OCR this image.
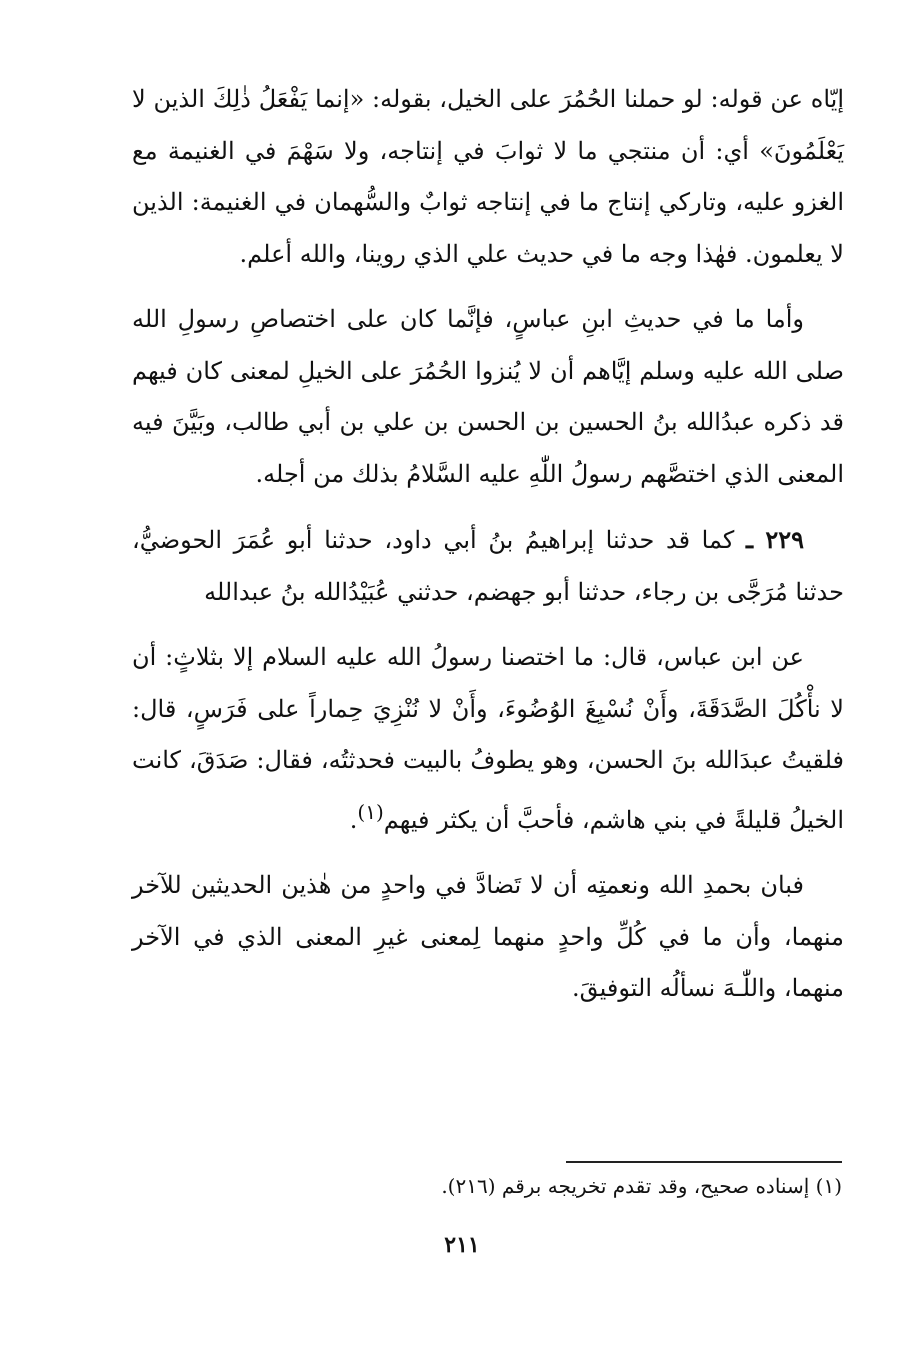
إيّاه عن قوله: لو حملنا الحُمُرَ على الخيل، بقوله: «إنما يَفْعَلُ ذٰلِكَ الذين لا يَعْلَمُونَ» أي: أن منتجي ما لا ثوابَ في إنتاجه، ولا سَهْمَ في الغنيمة مع الغزو عليه، وتاركي إنتاج ما في إنتاجه ثوابٌ والسُّهمان في الغنيمة: الذين لا يعلمون. فهٰذا وجه ما في حديث علي الذي روينا، والله أعلم.

وأما ما في حديثِ ابنِ عباسٍ، فإنَّما كان على اختصاصِ رسولِ الله صلى الله عليه وسلم إيَّاهم أن لا يُنزوا الحُمُرَ على الخيلِ لمعنى كان فيهم قد ذكره عبدُالله بنُ الحسين بن الحسن بن علي بن أبي طالب، وبَيَّنَ فيه المعنى الذي اختصَّهم رسولُ اللّٰهِ عليه السَّلامُ بذلك من أجله.

٢٢٩ ـ كما قد حدثنا إبراهيمُ بنُ أبي داود، حدثنا أبو عُمَرَ الحوضيُّ، حدثنا مُرَجَّى بن رجاء، حدثنا أبو جهضم، حدثني عُبَيْدُالله بنُ عبدالله

عن ابن عباس، قال: ما اختصنا رسولُ الله عليه السلام إلا بثلاثٍ: أن لا نأْكُلَ الصَّدَقَةَ، وأَنْ نُسْبِغَ الوُضُوءَ، وأَنْ لا نُنْزِيَ حِماراً على فَرَسٍ، قال: فلقيتُ عبدَالله بنَ الحسن، وهو يطوفُ بالبيت فحدثتُه، فقال: صَدَقَ، كانت الخيلُ قليلةً في بني هاشم، فأحبَّ أن يكثر فيهم$^{(١)}$.

فبان بحمدِ الله ونعمتِه أن لا تَضادَّ في واحدٍ من هٰذين الحديثين للآخر منهما، وأن ما في كُلِّ واحدٍ منهما لِمعنى غيرِ المعنى الذي في الآخر منهما، واللّٰـهَ نسألُه التوفيقَ.

(١) إسناده صحيح، وقد تقدم تخريجه برقم (٢١٦).

٢١١
